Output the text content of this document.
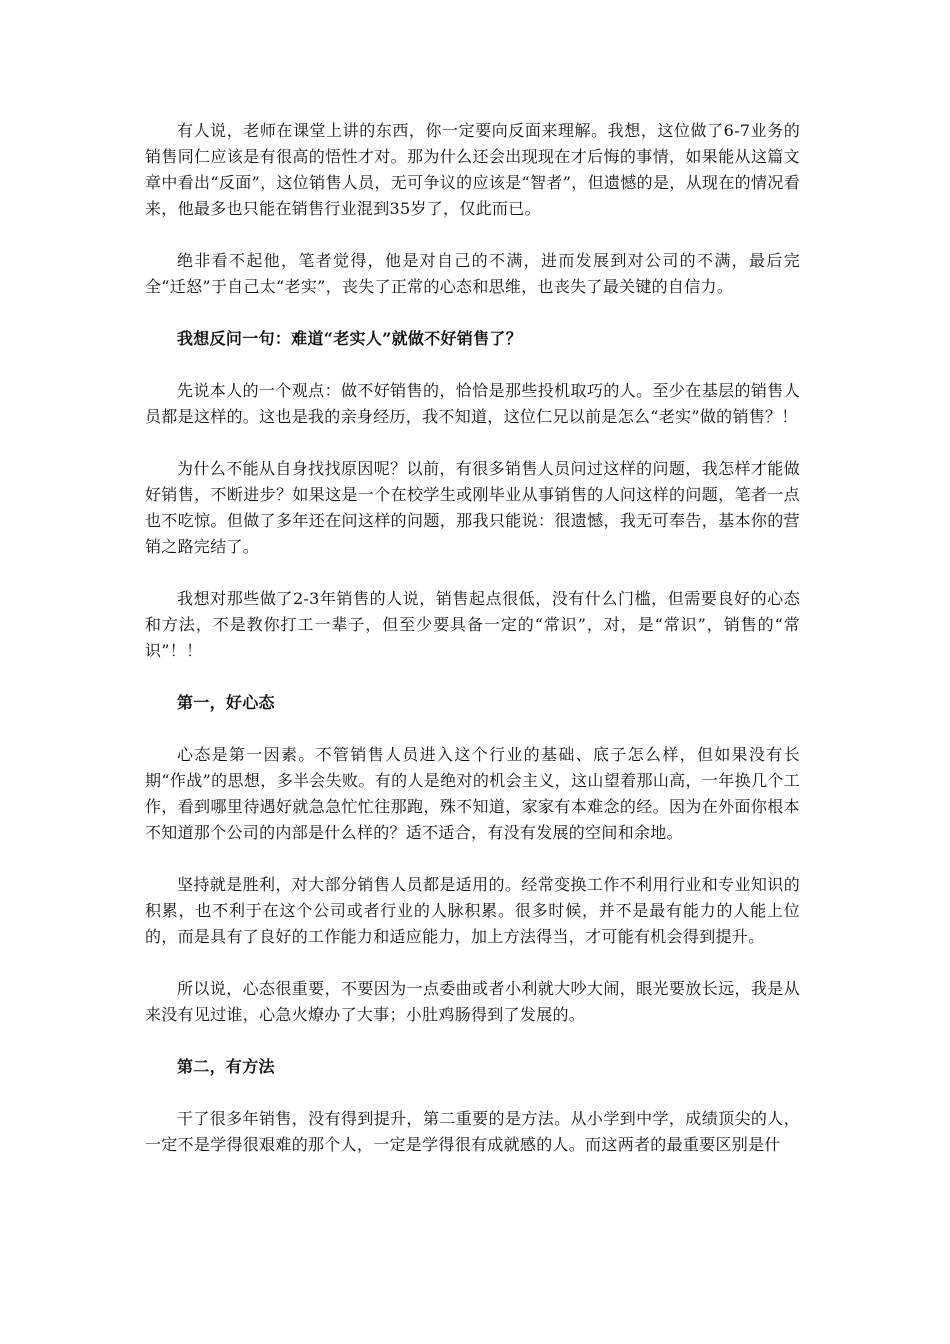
有人说，老师在课堂上讲的东西，你一定要向反面来理解。我想，这位做了6-7业务的销售同仁应该是有很高的悟性才对。那为什么还会出现现在才后悔的事情，如果能从这篇文章中看出“反面”，这位销售人员，无可争议的应该是“智者”，但遗憾的是，从现在的情况看来，他最多也只能在销售行业混到35岁了，仅此而已。

绝非看不起他，笔者觉得，他是对自己的不满，进而发展到对公司的不满，最后完全“迁怒”于自己太“老实”，丧失了正常的心态和思维，也丧失了最关键的自信力。

我想反问一句：难道“老实人”就做不好销售了？

先说本人的一个观点：做不好销售的，恰恰是那些投机取巧的人。至少在基层的销售人员都是这样的。这也是我的亲身经历，我不知道，这位仁兄以前是怎么“老实”做的销售？！

为什么不能从自身找找原因呢？以前，有很多销售人员问过这样的问题，我怎样才能做好销售，不断进步？如果这是一个在校学生或刚毕业从事销售的人问这样的问题，笔者一点也不吃惊。但做了多年还在问这样的问题，那我只能说：很遗憾，我无可奉告，基本你的营销之路完结了。

我想对那些做了2-3年销售的人说，销售起点很低，没有什么门槛，但需要良好的心态和方法，不是教你打工一辈子，但至少要具备一定的“常识”，对，是“常识”，销售的“常识”！！

第一，好心态

心态是第一因素。不管销售人员进入这个行业的基础、底子怎么样，但如果没有长期“作战”的思想，多半会失败。有的人是绝对的机会主义，这山望着那山高，一年换几个工作，看到哪里待遇好就急急忙忙往那跑，殊不知道，家家有本难念的经。因为在外面你根本不知道那个公司的内部是什么样的？适不适合，有没有发展的空间和余地。

坚持就是胜利，对大部分销售人员都是适用的。经常变换工作不利用行业和专业知识的积累，也不利于在这个公司或者行业的人脉积累。很多时候，并不是最有能力的人能上位的，而是具有了良好的工作能力和适应能力，加上方法得当，才可能有机会得到提升。

所以说，心态很重要，不要因为一点委曲或者小利就大吵大闹，眼光要放长远，我是从来没有见过谁，心急火燎办了大事；小肚鸡肠得到了发展的。

第二，有方法

干了很多年销售，没有得到提升，第二重要的是方法。从小学到中学，成绩顶尖的人，一定不是学得很艰难的那个人，一定是学得很有成就感的人。而这两者的最重要区别是什
